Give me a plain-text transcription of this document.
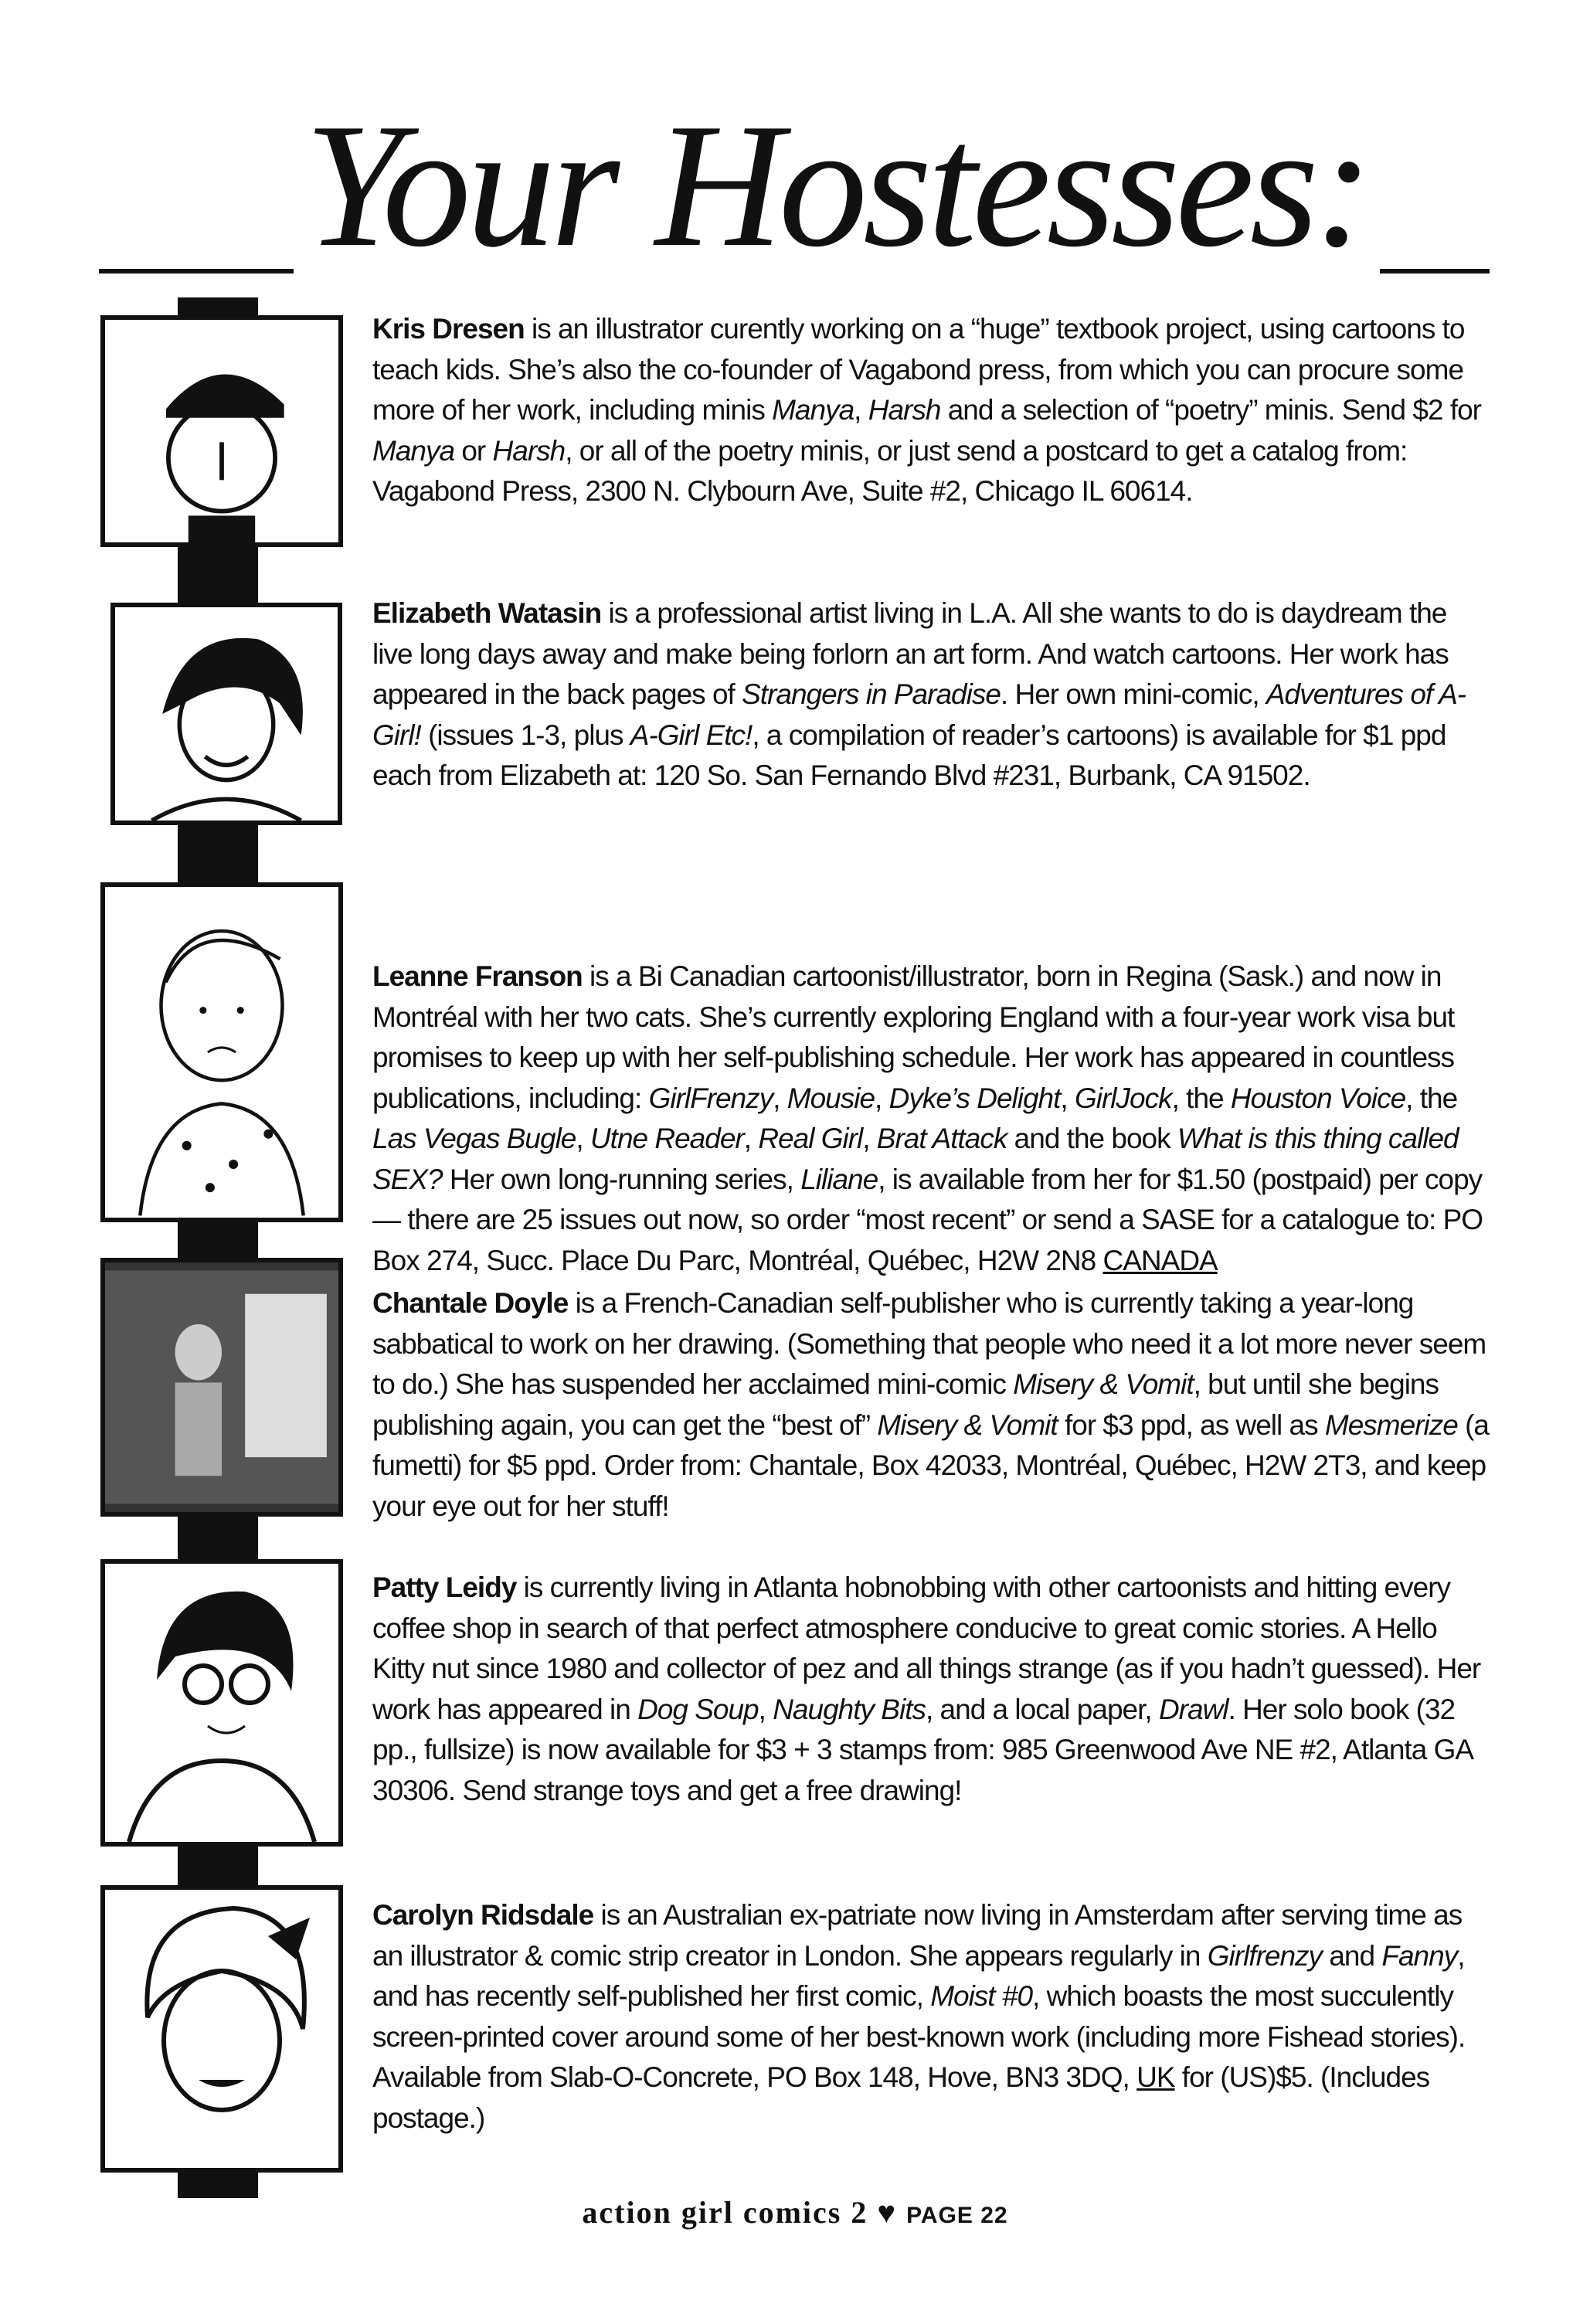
Your Hostesses:
Kris Dresen is an illustrator curently working on a “huge” textbook project, using cartoons to teach kids. She’s also the co-founder of Vagabond press, from which you can procure some more of her work, including minis Manya, Harsh and a selection of “poetry” minis. Send $2 for Manya or Harsh, or all of the poetry minis, or just send a postcard to get a catalog from: Vagabond Press, 2300 N. Clybourn Ave, Suite #2, Chicago IL 60614.
Elizabeth Watasin is a professional artist living in L.A. All she wants to do is daydream the live long days away and make being forlorn an art form. And watch cartoons. Her work has appeared in the back pages of Strangers in Paradise. Her own mini-comic, Adventures of A-Girl! (issues 1-3, plus A-Girl Etc!, a compilation of reader’s cartoons) is available for $1 ppd each from Elizabeth at: 120 So. San Fernando Blvd #231, Burbank, CA 91502.
Leanne Franson is a Bi Canadian cartoonist/illustrator, born in Regina (Sask.) and now in Montréal with her two cats. She’s currently exploring England with a four-year work visa but promises to keep up with her self-publishing schedule. Her work has appeared in countless publications, including: GirlFrenzy, Mousie, Dyke’s Delight, GirlJock, the Houston Voice, the Las Vegas Bugle, Utne Reader, Real Girl, Brat Attack and the book What is this thing called SEX? Her own long-running series, Liliane, is available from her for $1.50 (postpaid) per copy — there are 25 issues out now, so order “most recent” or send a SASE for a catalogue to: PO Box 274, Succ. Place Du Parc, Montréal, Québec, H2W 2N8 CANADA
Chantale Doyle is a French-Canadian self-publisher who is currently taking a year-long sabbatical to work on her drawing. (Something that people who need it a lot more never seem to do.) She has suspended her acclaimed mini-comic Misery & Vomit, but until she begins publishing again, you can get the “best of” Misery & Vomit for $3 ppd, as well as Mesmerize (a fumetti) for $5 ppd. Order from: Chantale, Box 42033, Montréal, Québec, H2W 2T3, and keep your eye out for her stuff!
Patty Leidy is currently living in Atlanta hobnobbing with other cartoonists and hitting every coffee shop in search of that perfect atmosphere conducive to great comic stories. A Hello Kitty nut since 1980 and collector of pez and all things strange (as if you hadn’t guessed). Her work has appeared in Dog Soup, Naughty Bits, and a local paper, Drawl. Her solo book (32 pp., fullsize) is now available for $3 + 3 stamps from: 985 Greenwood Ave NE #2, Atlanta GA 30306. Send strange toys and get a free drawing!
Carolyn Ridsdale is an Australian ex-patriate now living in Amsterdam after serving time as an illustrator & comic strip creator in London. She appears regularly in Girlfrenzy and Fanny, and has recently self-published her first comic, Moist #0, which boasts the most succulently screen-printed cover around some of her best-known work (including more Fishead stories). Available from Slab-O-Concrete, PO Box 148, Hove, BN3 3DQ, UK for (US)$5. (Includes postage.)
action girl comics 2 ♥ PAGE 22
